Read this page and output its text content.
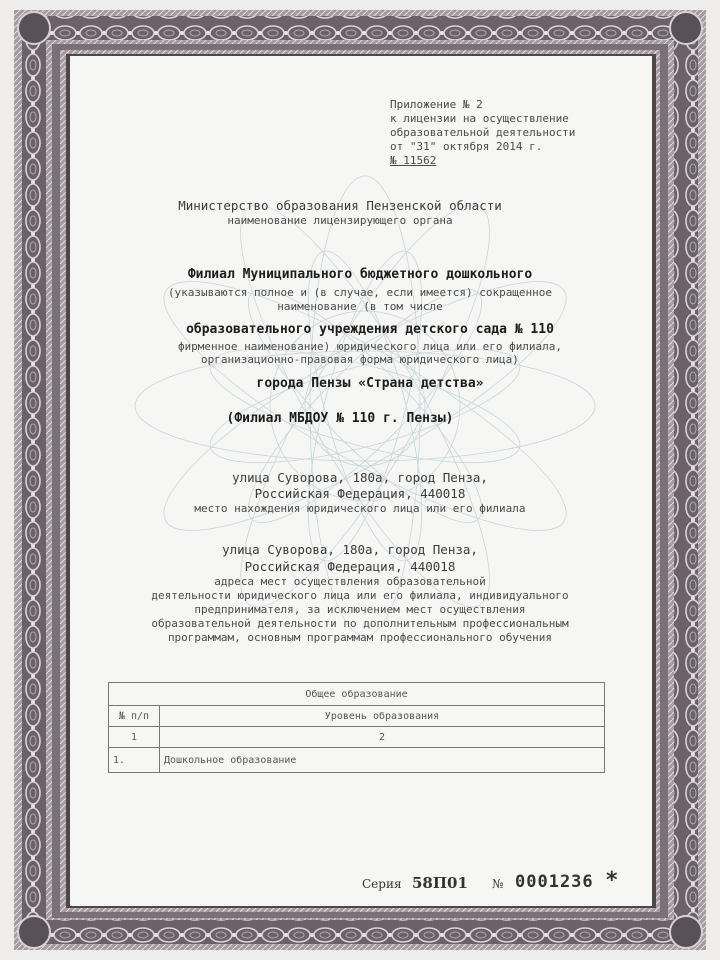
Приложение № 2
к лицензии на осуществление
образовательной деятельности
от "31" октября 2014 г.
№ 11562
Министерство образования Пензенской области
наименование лицензирующего органа
Филиал Муниципального бюджетного дошкольного
(указываются полное и (в случае, если имеется) сокращенное
наименование (в том числе
образовательного учреждения детского сада № 110
фирменное наименование) юридического лица или его филиала,
организационно-правовая форма юридического лица)
города Пензы «Страна детства»
(Филиал МБДОУ № 110 г. Пензы)
улица Суворова, 180а, город Пенза,
Российская Федерация, 440018
место нахождения юридического лица или его филиала
улица Суворова, 180а, город Пенза,
Российская Федерация, 440018
адреса мест осуществления образовательной
деятельности юридического лица или его филиала, индивидуального
предпринимателя, за исключением мест осуществления
образовательной деятельности по дополнительным профессиональным
программам, основным программам профессионального обучения
Общее образование	
№ п/п	Уровень образования
1	2
1.	Дошкольное образование
Серия 58П01 № 0001236 *
